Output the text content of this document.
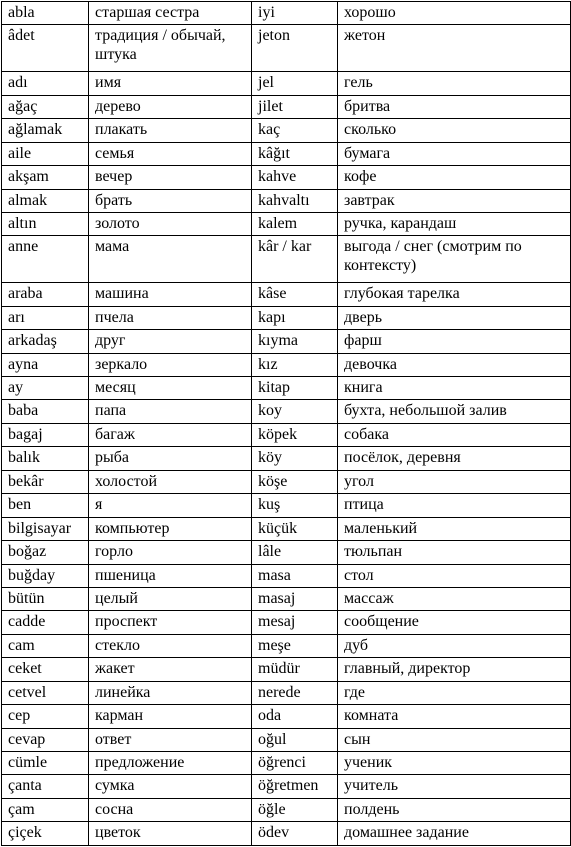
abla	старшая сестра	iyi	хорошо
âdet	традиция / обычай, штука	jeton	жетон
adı	имя	jel	гель
ağaç	дерево	jilet	бритва
ağlamak	плакать	kaç	сколько
aile	семья	kâğıt	бумага
akşam	вечер	kahve	кофе
almak	брать	kahvaltı	завтрак
altın	золото	kalem	ручка, карандаш
anne	мама	kâr / kar	выгода / снег (смотрим по контексту)
araba	машина	kâse	глубокая тарелка
arı	пчела	kapı	дверь
arkadaş	друг	kıyma	фарш
ayna	зеркало	kız	девочка
ay	месяц	kitap	книга
baba	папа	koy	бухта, небольшой залив
bagaj	багаж	köpek	собака
balık	рыба	köy	посёлок, деревня
bekâr	холостой	köşe	угол
ben	я	kuş	птица
bilgisayar	компьютер	küçük	маленький
boğaz	горло	lâle	тюльпан
buğday	пшеница	masa	стол
bütün	целый	masaj	массаж
cadde	проспект	mesaj	сообщение
cam	стекло	meşe	дуб
ceket	жакет	müdür	главный, директор
cetvel	линейка	nerede	где
cep	карман	oda	комната
cevap	ответ	oğul	сын
cümle	предложение	öğrenci	ученик
çanta	сумка	öğretmen	учитель
çam	сосна	öğle	полдень
çiçek	цветок	ödev	домашнее задание
